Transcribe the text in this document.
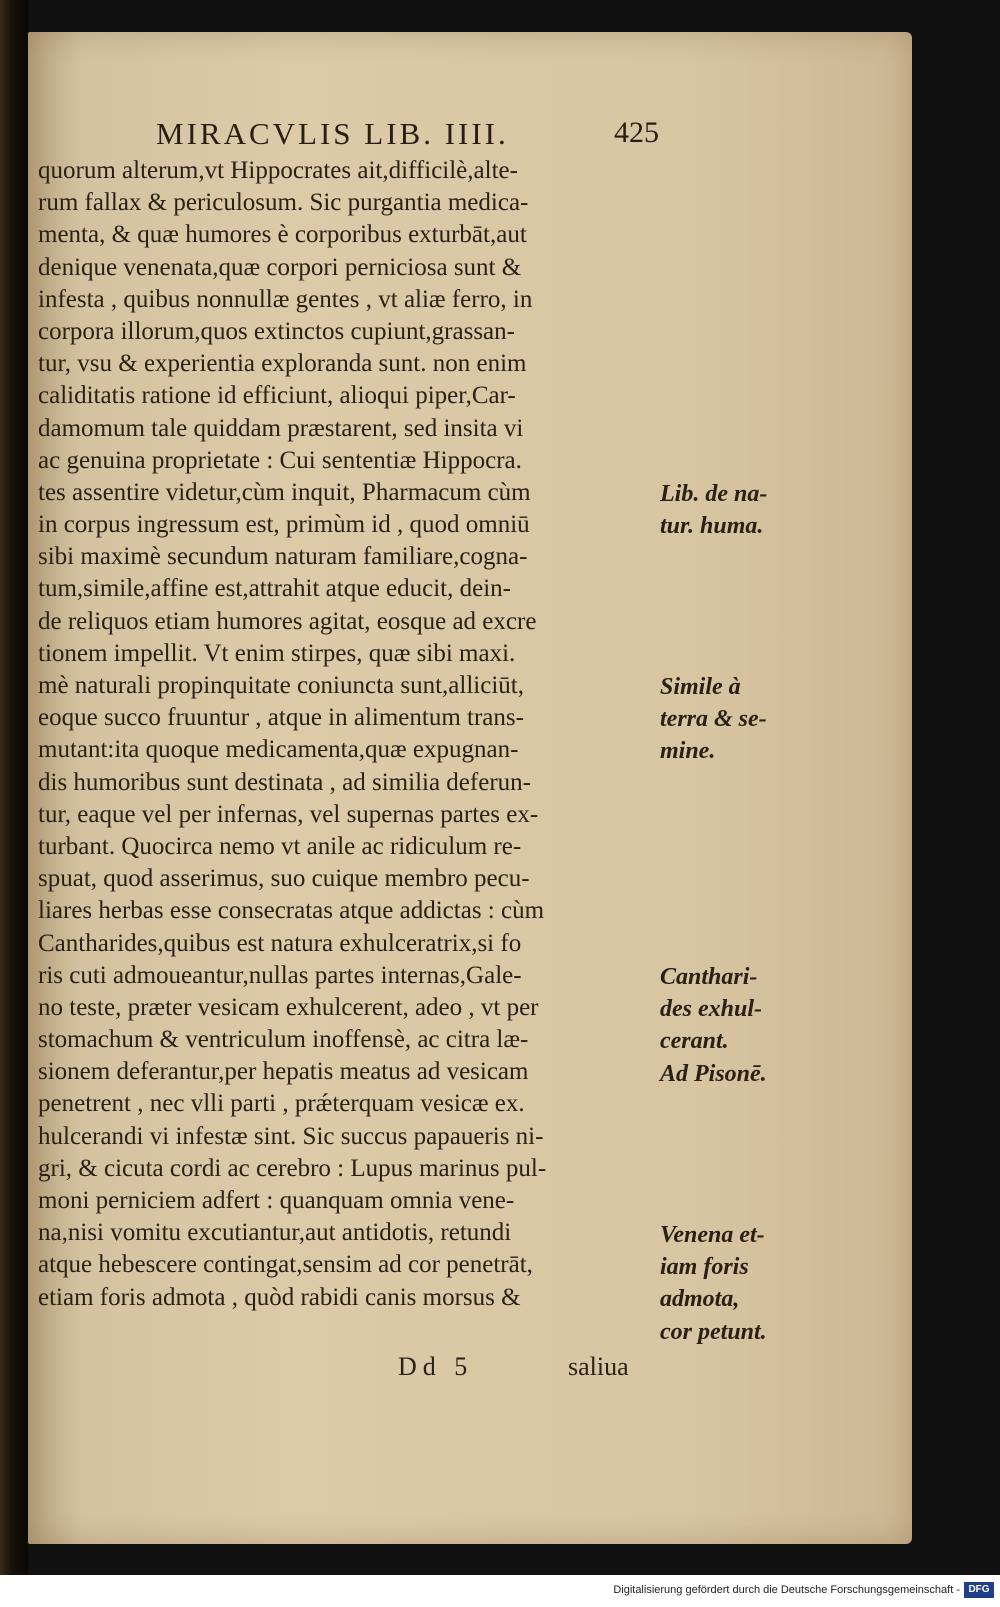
MIRACVLIS LIB. IIII.	425
quorum alterum,vt Hippocrates ait,difficilè,alte-
rum fallax & periculosum. Sic purgantia medica-
menta, & quæ humores è corporibus exturbāt,aut
denique venenata,quæ corpori perniciosa sunt &
infesta , quibus nonnullæ gentes , vt aliæ ferro, in
corpora illorum,quos extinctos cupiunt,grassan-
tur, vsu & experientia exploranda sunt. non enim
caliditatis ratione id efficiunt, alioqui piper,Car-
damomum tale quiddam præstarent, sed insita vi
ac genuina proprietate : Cui sententiæ Hippocra.
tes assentire videtur,cùm inquit, Pharmacum cùm
in corpus ingressum est, primùm id , quod omniū
sibi maximè secundum naturam familiare,cogna-
tum,simile,affine est,attrahit atque educit, dein-
de reliquos etiam humores agitat, eosque ad excre
tionem impellit. Vt enim stirpes, quæ sibi maxi.
mè naturali propinquitate coniuncta sunt,alliciūt,
eoque succo fruuntur , atque in alimentum trans-
mutant:ita quoque medicamenta,quæ expugnan-
dis humoribus sunt destinata , ad similia deferun-
tur, eaque vel per infernas, vel supernas partes ex-
turbant. Quocirca nemo vt anile ac ridiculum re-
spuat, quod asserimus, suo cuique membro pecu-
liares herbas esse consecratas atque addictas : cùm
Cantharides,quibus est natura exhulceratrix,si fo
ris cuti admoueantur,nullas partes internas,Gale-
no teste, præter vesicam exhulcerent, adeo , vt per
stomachum & ventriculum inoffensè, ac citra læ-
sionem deferantur,per hepatis meatus ad vesicam
penetrent , nec vlli parti , prǽterquam vesicæ ex.
hulcerandi vi infestæ sint. Sic succus papaueris ni-
gri, & cicuta cordi ac cerebro : Lupus marinus pul-
moni perniciem adfert : quanquam omnia vene-
na,nisi vomitu excutiantur,aut antidotis, retundi
atque hebescere contingat,sensim ad cor penetrāt,
etiam foris admota , quòd rabidi canis morsus &
Lib. de na-
tur. huma.
Simile à
terra & se-
mine.
Canthari-
des exhul-
cerant.
Ad Pisonē.
Venena et-
iam foris
admota,
cor petunt.
Dd 5	saliua
Digitalisierung gefördert durch die Deutsche Forschungsgemeinschaft - DFG
